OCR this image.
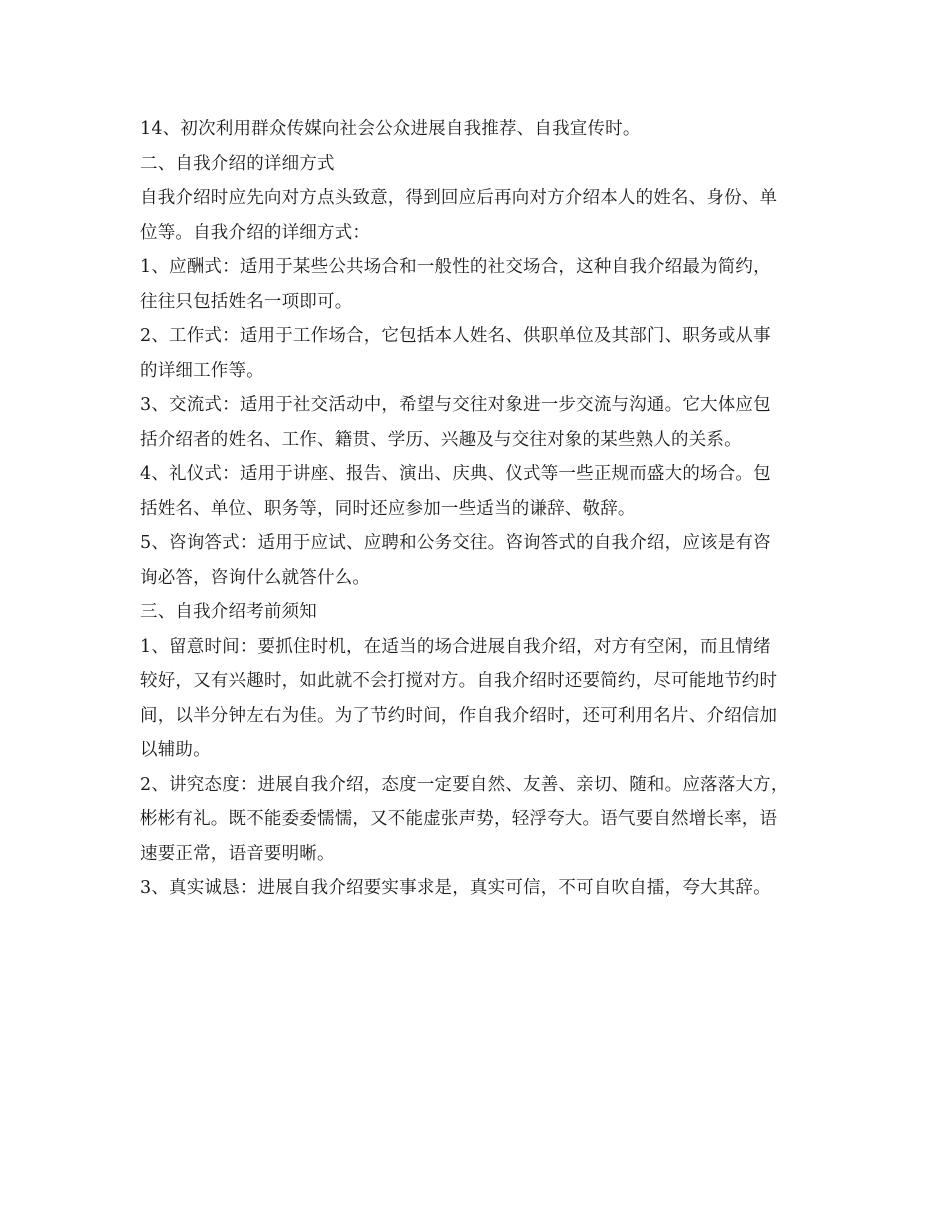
14、初次利用群众传媒向社会公众进展自我推荐、自我宣传时。
二、自我介绍的详细方式
自我介绍时应先向对方点头致意，得到回应后再向对方介绍本人的姓名、身份、单
位等。自我介绍的详细方式：
1、应酬式：适用于某些公共场合和一般性的社交场合，这种自我介绍最为简约，
往往只包括姓名一项即可。
2、工作式：适用于工作场合，它包括本人姓名、供职单位及其部门、职务或从事
的详细工作等。
3、交流式：适用于社交活动中，希望与交往对象进一步交流与沟通。它大体应包
括介绍者的姓名、工作、籍贯、学历、兴趣及与交往对象的某些熟人的关系。
4、礼仪式：适用于讲座、报告、演出、庆典、仪式等一些正规而盛大的场合。包
括姓名、单位、职务等，同时还应参加一些适当的谦辞、敬辞。
5、咨询答式：适用于应试、应聘和公务交往。咨询答式的自我介绍，应该是有咨
询必答，咨询什么就答什么。
三、自我介绍考前须知
1、留意时间：要抓住时机，在适当的场合进展自我介绍，对方有空闲，而且情绪
较好，又有兴趣时，如此就不会打搅对方。自我介绍时还要简约，尽可能地节约时
间，以半分钟左右为佳。为了节约时间，作自我介绍时，还可利用名片、介绍信加
以辅助。
2、讲究态度：进展自我介绍，态度一定要自然、友善、亲切、随和。应落落大方，
彬彬有礼。既不能委委懦懦，又不能虚张声势，轻浮夸大。语气要自然增长率，语
速要正常，语音要明晰。
3、真实诚恳：进展自我介绍要实事求是，真实可信，不可自吹自擂，夸大其辞。
